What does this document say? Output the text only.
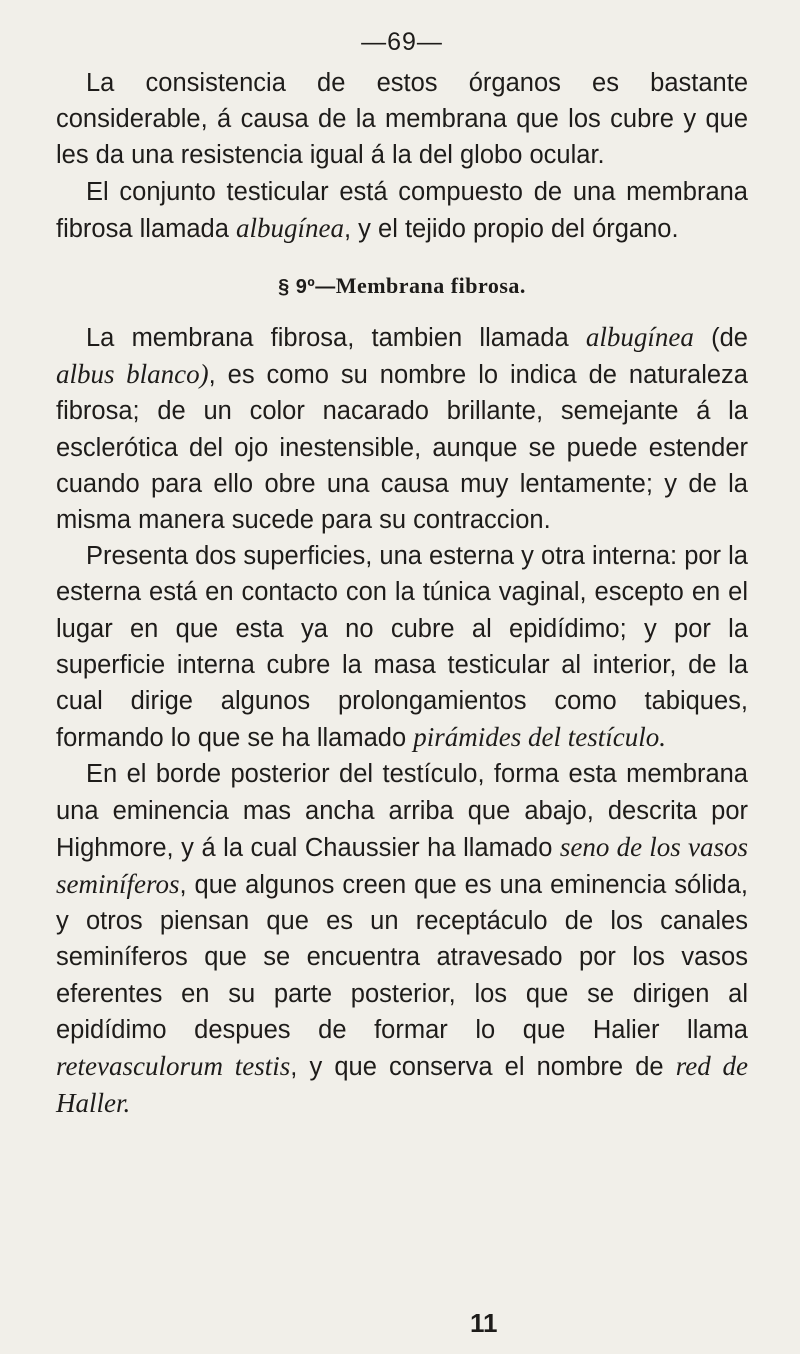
—69—

La consistencia de estos órganos es bastante considerable, á causa de la membrana que los cubre y que les da una resistencia igual á la del globo ocular.

El conjunto testicular está compuesto de una membrana fibrosa llamada albugínea, y el tejido propio del órgano.

§ 9º—Membrana fibrosa.

La membrana fibrosa, tambien llamada albugínea (de albus blanco), es como su nombre lo indica de naturaleza fibrosa; de un color nacarado brillante, semejante á la esclerótica del ojo inestensible, aunque se puede estender cuando para ello obre una causa muy lentamente; y de la misma manera sucede para su contraccion.

Presenta dos superficies, una esterna y otra interna: por la esterna está en contacto con la túnica vaginal, escepto en el lugar en que esta ya no cubre al epidídimo; y por la superficie interna cubre la masa testicular al interior, de la cual dirige algunos prolongamientos como tabiques, formando lo que se ha llamado pirámides del testículo.

En el borde posterior del testículo, forma esta membrana una eminencia mas ancha arriba que abajo, descrita por Highmore, y á la cual Chaussier ha llamado seno de los vasos seminíferos, que algunos creen que es una eminencia sólida, y otros piensan que es un receptáculo de los canales seminíferos que se encuentra atravesado por los vasos eferentes en su parte posterior, los que se dirigen al epidídimo despues de formar lo que Halier llama retevasculorum testis, y que conserva el nombre de red de Haller.

11
